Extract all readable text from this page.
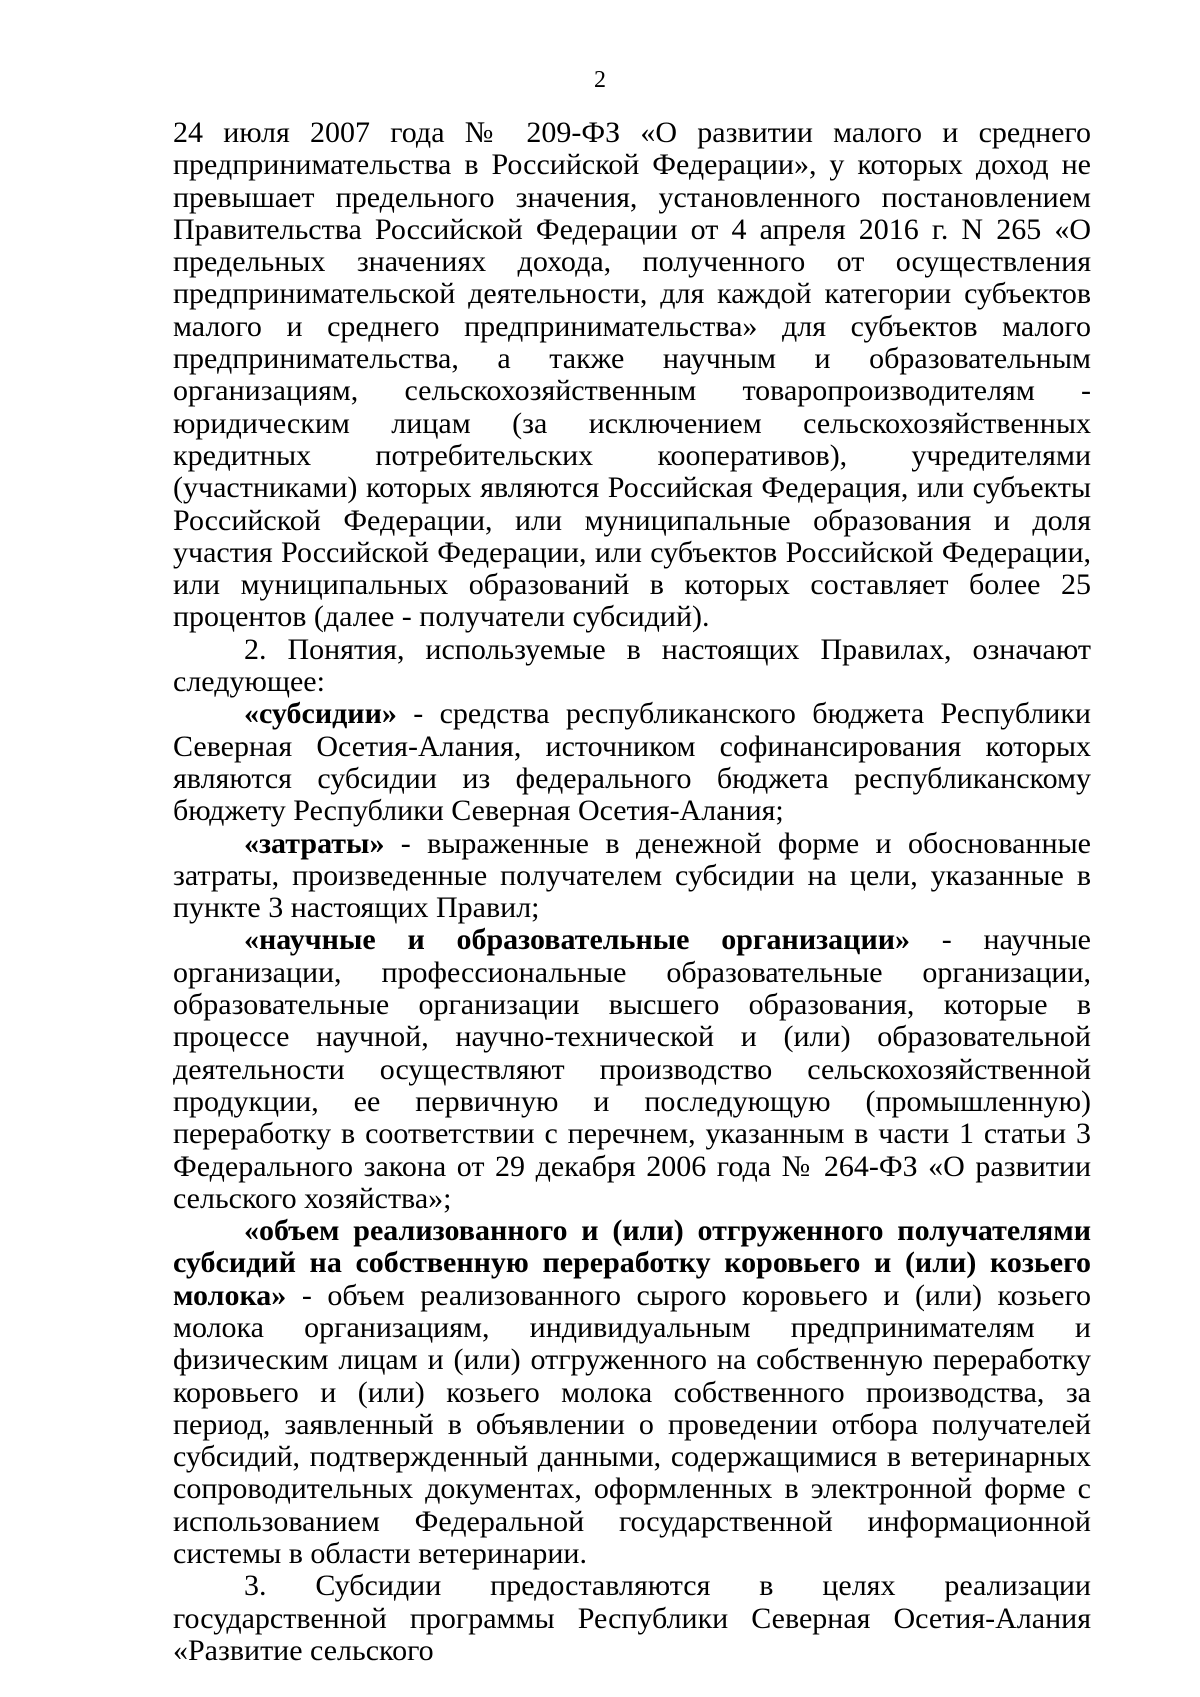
2

24 июля 2007 года № 209-ФЗ «О развитии малого и среднего предпринимательства в Российской Федерации», у которых доход не превышает предельного значения, установленного постановлением Правительства Российской Федерации от 4 апреля 2016 г. N 265 «О предельных значениях дохода, полученного от осуществления предпринимательской деятельности, для каждой категории субъектов малого и среднего предпринимательства» для субъектов малого предпринимательства, а также научным и образовательным организациям, сельскохозяйственным товаропроизводителям - юридическим лицам (за исключением сельскохозяйственных кредитных потребительских кооперативов), учредителями (участниками) которых являются Российская Федерация, или субъекты Российской Федерации, или муниципальные образования и доля участия Российской Федерации, или субъектов Российской Федерации, или муниципальных образований в которых составляет более 25 процентов (далее - получатели субсидий).

2. Понятия, используемые в настоящих Правилах, означают следующее:

«субсидии» - средства республиканского бюджета Республики Северная Осетия-Алания, источником софинансирования которых являются субсидии из федерального бюджета республиканскому бюджету Республики Северная Осетия-Алания;

«затраты» - выраженные в денежной форме и обоснованные затраты, произведенные получателем субсидии на цели, указанные в пункте 3 настоящих Правил;

«научные и образовательные организации» - научные организации, профессиональные образовательные организации, образовательные организации высшего образования, которые в процессе научной, научно-технической и (или) образовательной деятельности осуществляют производство сельскохозяйственной продукции, ее первичную и последующую (промышленную) переработку в соответствии с перечнем, указанным в части 1 статьи 3 Федерального закона от 29 декабря 2006 года № 264-ФЗ «О развитии сельского хозяйства»;

«объем реализованного и (или) отгруженного получателями субсидий на собственную переработку коровьего и (или) козьего молока» - объем реализованного сырого коровьего и (или) козьего молока организациям, индивидуальным предпринимателям и физическим лицам и (или) отгруженного на собственную переработку коровьего и (или) козьего молока собственного производства, за период, заявленный в объявлении о проведении отбора получателей субсидий, подтвержденный данными, содержащимися в ветеринарных сопроводительных документах, оформленных в электронной форме с использованием Федеральной государственной информационной системы в области ветеринарии.

3. Субсидии предоставляются в целях реализации государственной программы Республики Северная Осетия-Алания «Развитие сельского
